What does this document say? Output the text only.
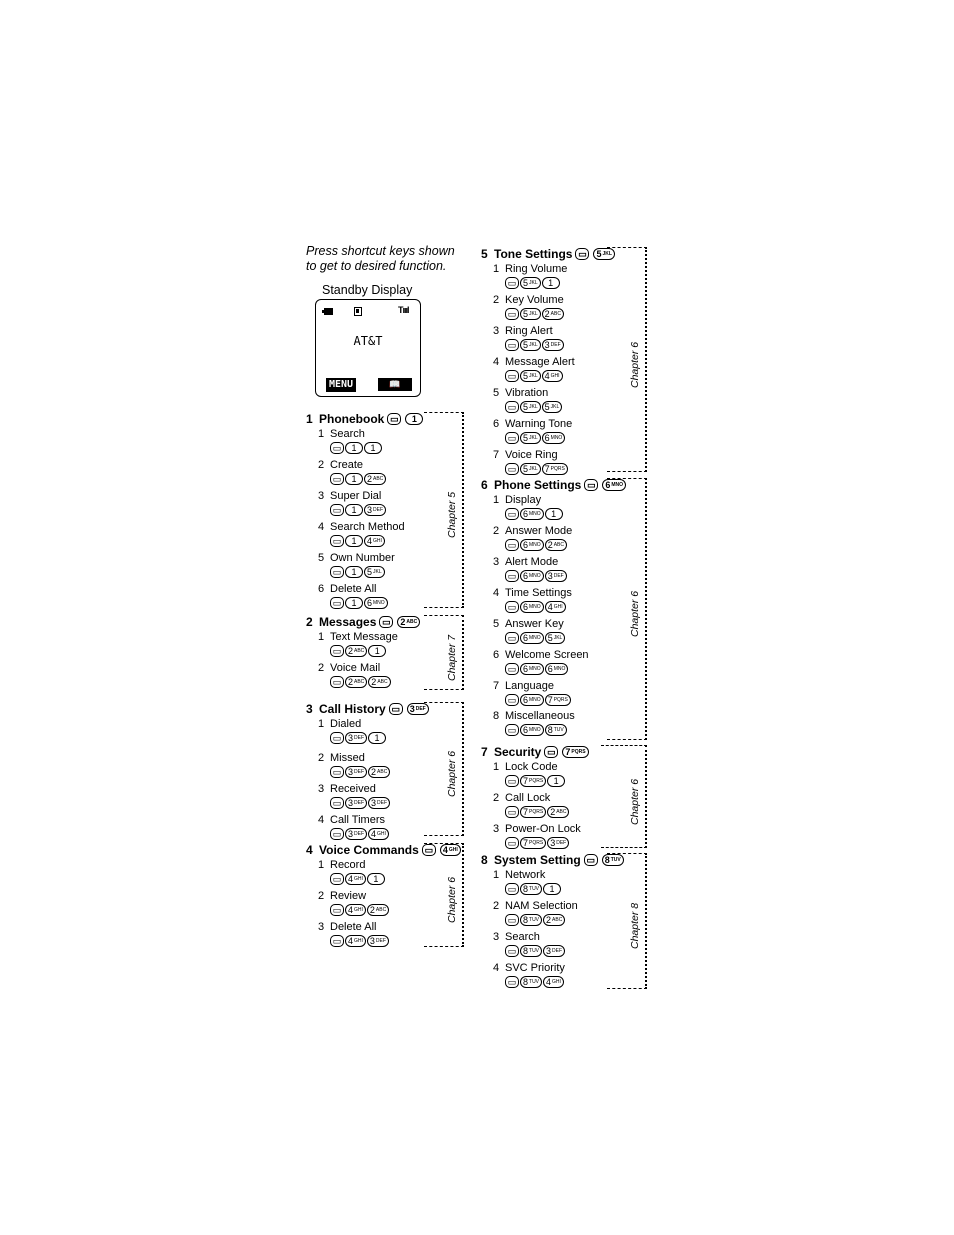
Press shortcut keys shown
to get to desired function.
Standby Display
Tıııl
AT&T
MENU	📖
1 Phonebook ▭	1
1 Search
▭	1 1
2 Create
▭	1 2 ABC
3 Super Dial
▭	1 3 DEF
4 Search Method
▭	1 4 GHI
5 Own Number
▭	1 5 JKL
6 Delete All
▭	1 6 MNO
Chapter 5
2 Messages ▭	2 ABC
1 Text Message
▭ 2 ABC 1
2 Voice Mail
▭ 2 ABC 2 ABC
Chapter 7
3 Call History ▭	3 DEF
1 Dialed
▭ 3 DEF 1
2 Missed
▭ 3 DEF 2 ABC
3 Received
▭ 3 DEF 3 DEF
4 Call Timers
▭ 3 DEF 4 GHI
Chapter 6
4 Voice Commands ▭	4 GHI
1 Record
▭ 4 GHI 1
2 Review
▭ 4 GHI 2 ABC
3 Delete All
▭ 4 GHI 3 DEF
Chapter 6
5 Tone Settings ▭	5 JKL
1 Ring Volume
▭ 5 JKL 1
2 Key Volume
▭ 5 JKL 2 ABC
3 Ring Alert
▭ 5 JKL 3 DEF
4 Message Alert
▭ 5 JKL 4 GHI
5 Vibration
▭ 5 JKL 5 JKL
6 Warning Tone
▭ 5 JKL 6 MNO
7 Voice Ring
▭ 5 JKL 7 PQRS
Chapter 6
6 Phone Settings ▭	6 MNO
1 Display
▭ 6 MNO 1
2 Answer Mode
▭ 6 MNO 2 ABC
3 Alert Mode
▭ 6 MNO 3 DEF
4 Time Settings
▭ 6 MNO 4 GHI
5 Answer Key
▭ 6 MNO 5 JKL
6 Welcome Screen
▭ 6 MNO 6 MNO
7 Language
▭ 6 MNO 7 PQRS
8 Miscellaneous
▭ 6 MNO 8 TUV
Chapter 6
7 Security ▭	7 PQRS
1 Lock Code
▭ 7 PQRS 1
2 Call Lock
▭ 7 PQRS 2 ABC
3 Power-On Lock
▭ 7 PQRS 3 DEF
Chapter 6
8 System Setting ▭	8 TUV
1 Network
▭ 8 TUV 1
2 NAM Selection
▭ 8 TUV 2 ABC
3 Search
▭ 8 TUV 3 DEF
4 SVC Priority
▭ 8 TUV 4 GHI
Chapter 8
